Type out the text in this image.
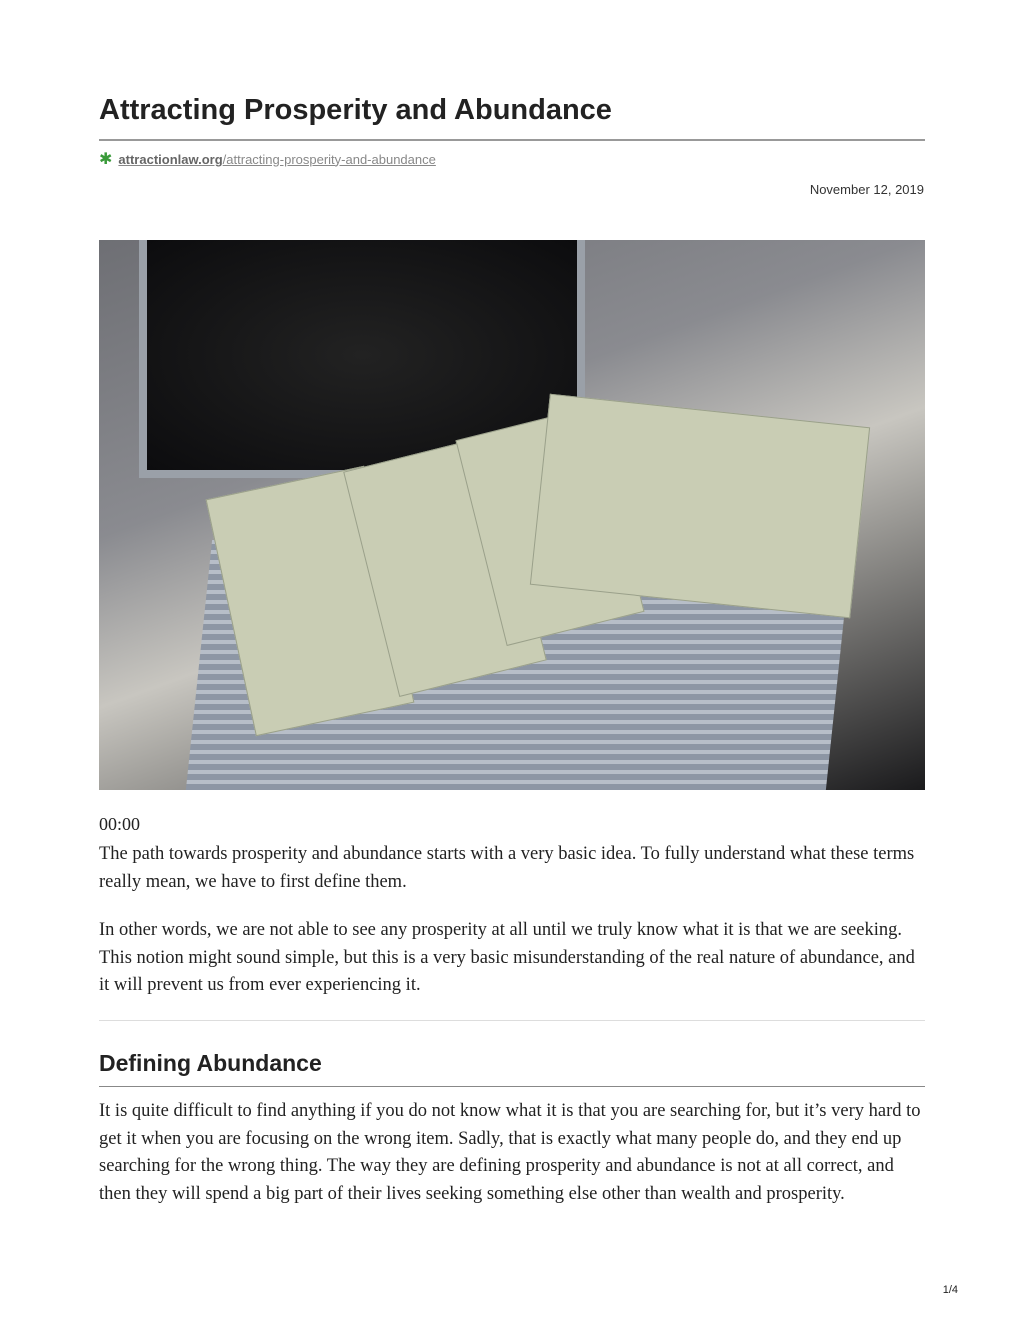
Attracting Prosperity and Abundance
✱ attractionlaw.org/attracting-prosperity-and-abundance
November 12, 2019
00:00

The path towards prosperity and abundance starts with a very basic idea. To fully understand what these terms really mean, we have to first define them.

In other words, we are not able to see any prosperity at all until we truly know what it is that we are seeking. This notion might sound simple, but this is a very basic misunderstanding of the real nature of abundance, and it will prevent us from ever experiencing it.

Defining Abundance

It is quite difficult to find anything if you do not know what it is that you are searching for, but it’s very hard to get it when you are focusing on the wrong item. Sadly, that is exactly what many people do, and they end up searching for the wrong thing. The way they are defining prosperity and abundance is not at all correct, and then they will spend a big part of their lives seeking something else other than wealth and prosperity.

1/4
